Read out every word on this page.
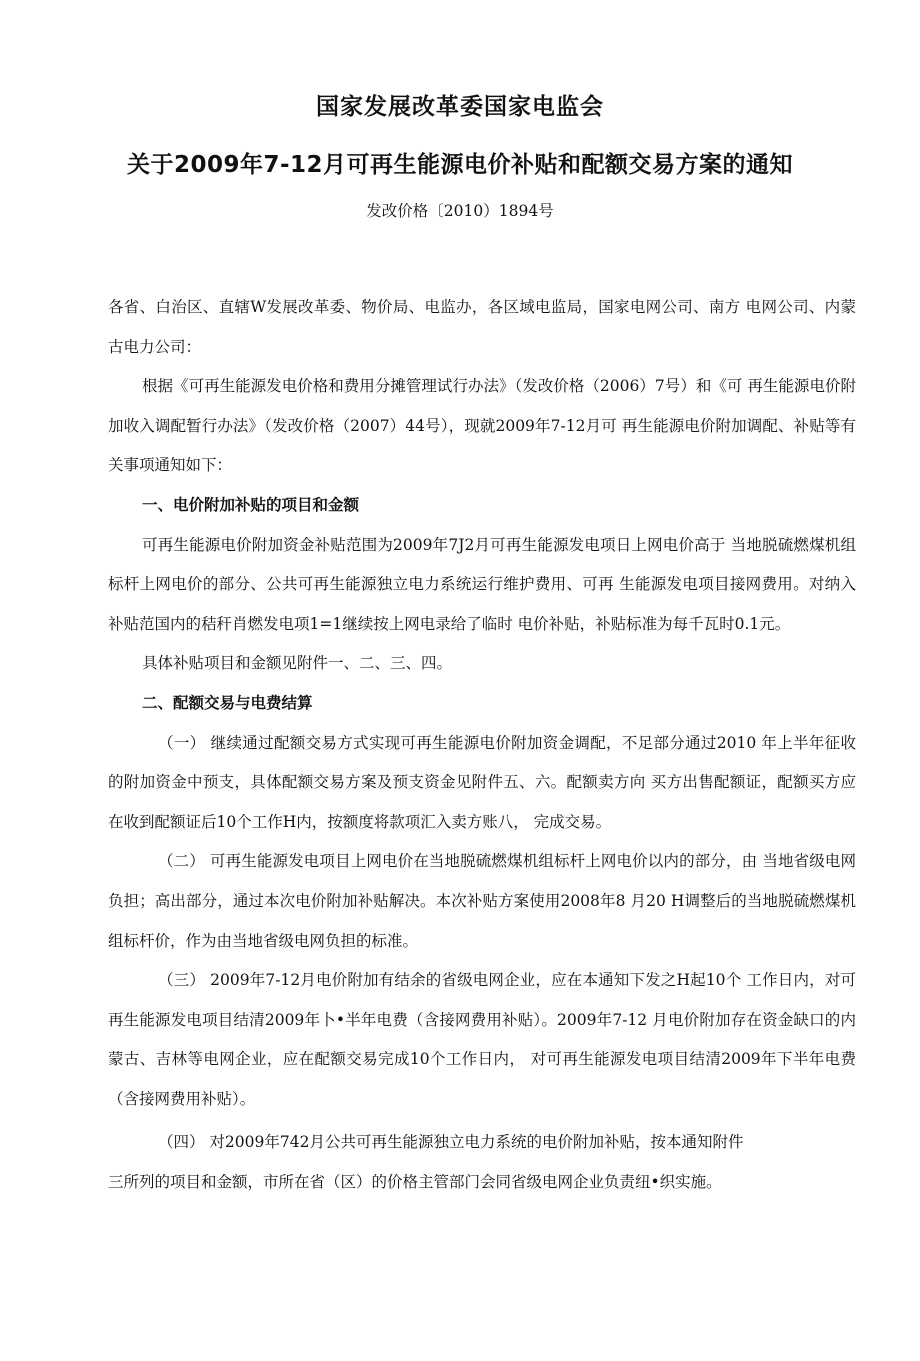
国家发展改革委国家电监会
关于2009年7-12月可再生能源电价补贴和配额交易方案的通知
发改价格〔2010）1894号

各省、白治区、直辖W发展改革委、物价局、电监办，各区域电监局，国家电网公司、南方 电网公司、内蒙古电力公司：

根据《可再生能源发电价格和费用分摊管理试行办法》（发改价格（2006）7号）和《可 再生能源电价附加收入调配暂行办法》（发改价格（2007）44号），现就2009年7-12月可 再生能源电价附加调配、补贴等有关事项通知如下：

一、电价附加补贴的项目和金额

可再生能源电价附加资金补贴范围为2009年7J2月可再生能源发电项日上网电价高于 当地脱硫燃煤机组标杆上网电价的部分、公共可再生能源独立电力系统运行维护费用、可再 生能源发电项目接网费用。对纳入补贴范国内的秸秆肖燃发电项1=1继续按上网电录给了临时 电价补贴，补贴标准为每千瓦时0.1元。

具体补贴项目和金额见附件一、二、三、四。

二、配额交易与电费结算

（一） 继续通过配额交易方式实现可再生能源电价附加资金调配，不足部分通过2010 年上半年征收的附加资金中预支，具体配额交易方案及预支资金见附件五、六。配额卖方向 买方出售配额证，配额买方应在收到配额证后10个工作H内，按额度将款项汇入卖方账八， 完成交易。

（二） 可再生能源发电项目上网电价在当地脱硫燃煤机组标杆上网电价以内的部分，由 当地省级电网负担；高出部分，通过本次电价附加补贴解决。本次补贴方案使用2008年8 月20 H调整后的当地脱硫燃煤机组标杆价，作为由当地省级电网负担的标准。

（三） 2009年7-12月电价附加有结余的省级电网企业，应在本通知下发之H起10个 工作日内，对可再生能源发电项目结清2009年卜•半年电费（含接网费用补贴）。2009年7-12 月电价附加存在资金缺口的内蒙古、吉林等电网企业，应在配额交易完成10个工作日内， 对可再生能源发电项目结清2009年下半年电费（含接网费用补贴）。

（四） 对2009年742月公共可再生能源独立电力系统的电价附加补贴，按本通知附件

三所列的项目和金额，市所在省（区）的价格主管部门会同省级电网企业负责纽•织实施。
